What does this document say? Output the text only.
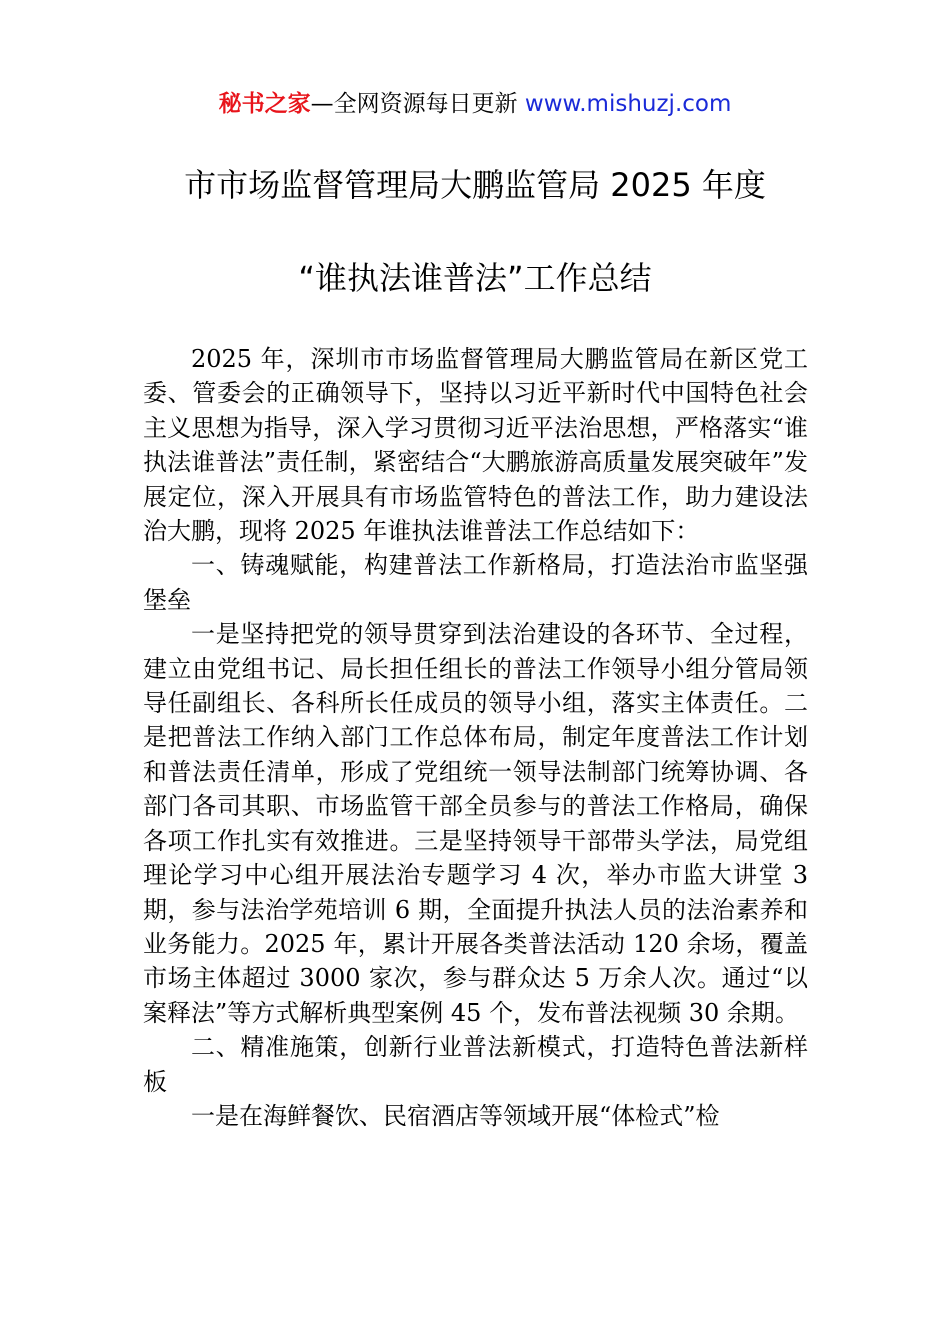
秘书之家—全网资源每日更新 www.mishuzj.com
市市场监督管理局大鹏监管局 2025 年度
“谁执法谁普法”工作总结

2025 年，深圳市市场监督管理局大鹏监管局在新区党工委、管委会的正确领导下，坚持以习近平新时代中国特色社会主义思想为指导，深入学习贯彻习近平法治思想，严格落实“谁执法谁普法”责任制，紧密结合“大鹏旅游高质量发展突破年”发展定位，深入开展具有市场监管特色的普法工作，助力建设法治大鹏，现将 2025 年谁执法谁普法工作总结如下：

一、铸魂赋能，构建普法工作新格局，打造法治市监坚强堡垒

一是坚持把党的领导贯穿到法治建设的各环节、全过程，建立由党组书记、局长担任组长的普法工作领导小组分管局领导任副组长、各科所长任成员的领导小组，落实主体责任。二是把普法工作纳入部门工作总体布局，制定年度普法工作计划和普法责任清单，形成了党组统一领导法制部门统筹协调、各部门各司其职、市场监管干部全员参与的普法工作格局，确保各项工作扎实有效推进。三是坚持领导干部带头学法，局党组理论学习中心组开展法治专题学习 4 次，举办市监大讲堂 3 期，参与法治学苑培训 6 期，全面提升执法人员的法治素养和业务能力。2025 年，累计开展各类普法活动 120 余场，覆盖市场主体超过 3000 家次，参与群众达 5 万余人次。通过“以案释法”等方式解析典型案例 45 个，发布普法视频 30 余期。

二、精准施策，创新行业普法新模式，打造特色普法新样板

一是在海鲜餐饮、民宿酒店等领域开展“体检式”检
